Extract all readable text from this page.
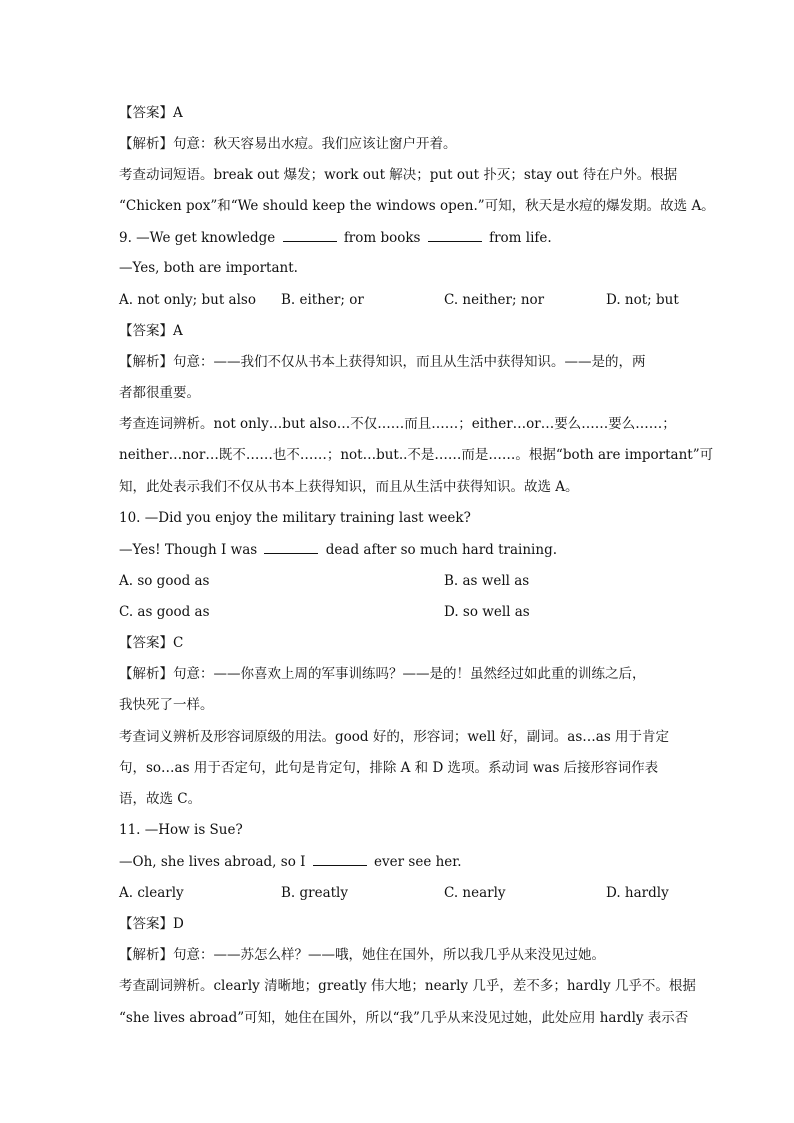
【答案】A
【解析】句意：秋天容易出水痘。我们应该让窗户开着。
考查动词短语。break out 爆发；work out 解决；put out 扑灭；stay out 待在户外。根据
“Chicken pox”和“We should keep the windows open.”可知，秋天是水痘的爆发期。故选 A。
9. —We get knowledge	from books	from life.
—Yes, both are important.
A. not only; but also B. either; or	C. neither; nor	D. not; but
【答案】A
【解析】句意：——我们不仅从书本上获得知识，而且从生活中获得知识。——是的，两
者都很重要。
考查连词辨析。not only…but also…不仅……而且……；either…or…要么……要么……；
neither…nor…既不……也不……；not…but..不是……而是……。根据“both are important”可
知，此处表示我们不仅从书本上获得知识，而且从生活中获得知识。故选 A。
10. —Did you enjoy the military training last week?
—Yes! Though I was	dead after so much hard training.
A. so good as	B. as well as
C. as good as	D. so well as
【答案】C
【解析】句意：——你喜欢上周的军事训练吗？——是的！虽然经过如此重的训练之后，
我快死了一样。
考查词义辨析及形容词原级的用法。good 好的，形容词；well 好，副词。as…as 用于肯定
句，so…as 用于否定句，此句是肯定句，排除 A 和 D 选项。系动词 was 后接形容词作表
语，故选 C。
11. —How is Sue?
—Oh, she lives abroad, so I	ever see her.
A. clearly	B. greatly	C. nearly	D. hardly
【答案】D
【解析】句意：——苏怎么样？——哦，她住在国外，所以我几乎从来没见过她。
考查副词辨析。clearly 清晰地；greatly 伟大地；nearly 几乎，差不多；hardly 几乎不。根据
“she lives abroad”可知，她住在国外，所以“我”几乎从来没见过她，此处应用 hardly 表示否
